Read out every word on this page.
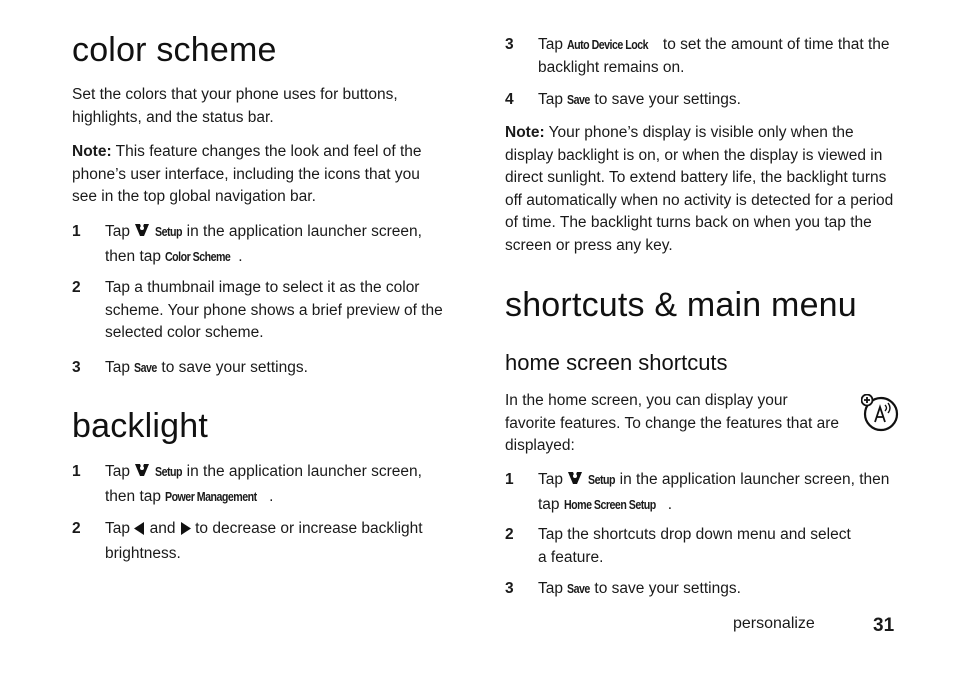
color scheme

Set the colors that your phone uses for buttons, highlights, and the status bar.

Note: This feature changes the look and feel of the phone’s user interface, including the icons that you see in the top global navigation bar.

1	Tap  Setup in the application launcher screen, then tap Color Scheme .
2	Tap a thumbnail image to select it as the color scheme. Your phone shows a brief preview of the selected color scheme.
3	Tap Save to save your settings.
backlight
1	Tap  Setup in the application launcher screen, then tap Power Management .
2	Tap  and  to decrease or increase backlight brightness.
3	Tap Auto Device Lock to set the amount of time that the backlight remains on.
4	Tap Save to save your settings.

Note: Your phone’s display is visible only when the display backlight is on, or when the display is viewed in direct sunlight. To extend battery life, the backlight turns off automatically when no activity is detected for a period of time. The backlight turns back on when you tap the screen or press any key.

shortcuts & main menu
home screen shortcuts

In the home screen, you can display your favorite features. To change the features that are displayed:

1	Tap  Setup in the application launcher screen, then tap Home Screen Setup .
2	Tap the shortcuts drop down menu and select a feature.
3	Tap Save to save your settings.
personalize	31
